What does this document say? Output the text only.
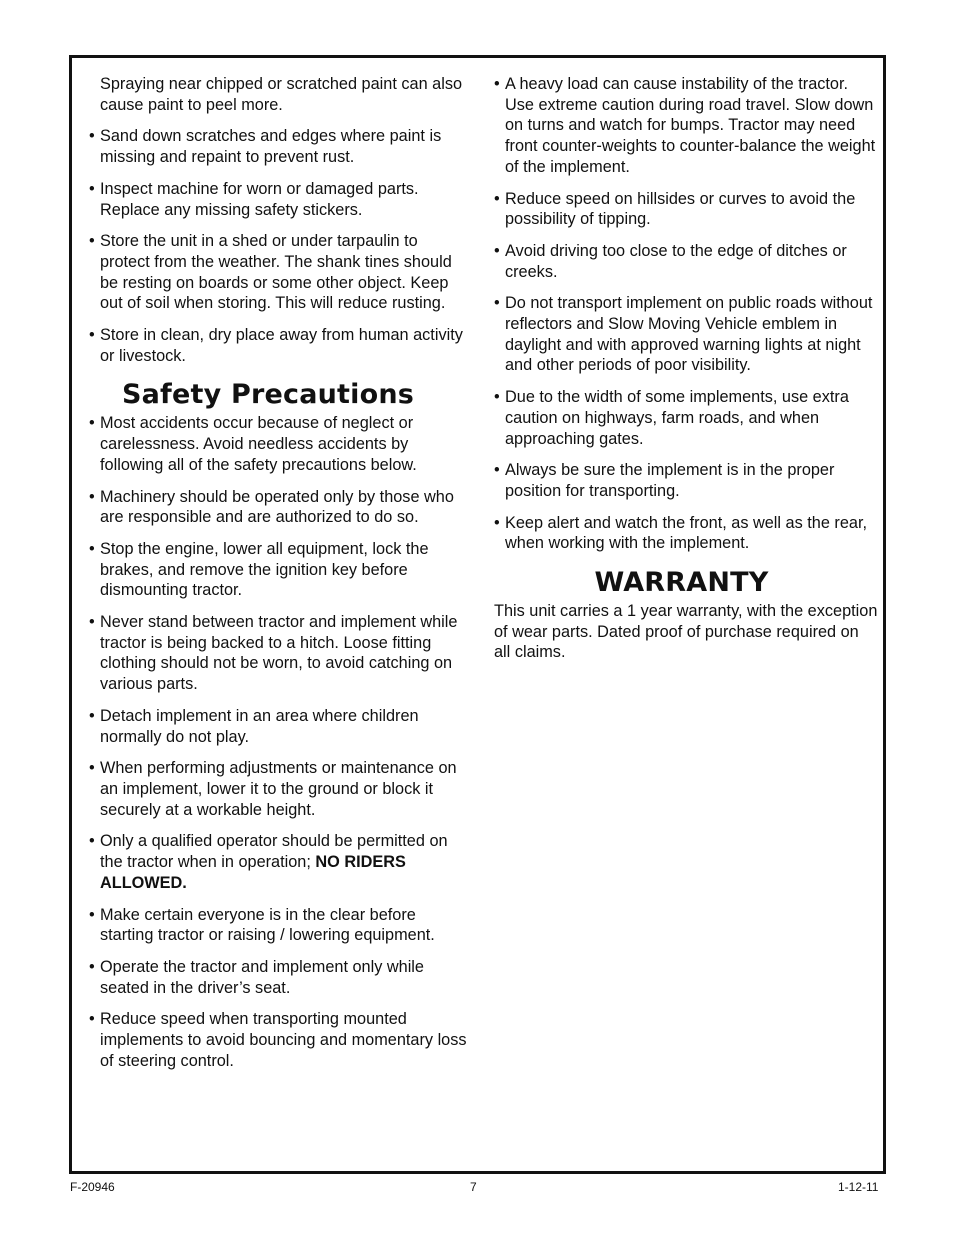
Spraying near chipped or scratched paint can also cause paint to peel more.

• Sand down scratches and edges where paint is missing and repaint to prevent rust.
• Inspect machine for worn or damaged parts. Replace any missing safety stickers.
• Store the unit in a shed or under tarpaulin to protect from the weather. The shank tines should be resting on boards or some other object. Keep out of soil when storing. This will reduce rusting.
• Store in clean, dry place away from human activity or livestock.
Safety Precautions
• Most accidents occur because of neglect or carelessness. Avoid needless accidents by following all of the safety precautions below.
• Machinery should be operated only by those who are responsible and are authorized to do so.
• Stop the engine, lower all equipment, lock the brakes, and remove the ignition key before dismounting tractor.
• Never stand between tractor and implement while tractor is being backed to a hitch. Loose fitting clothing should not be worn, to avoid catching on various parts.
• Detach implement in an area where children normally do not play.
• When performing adjustments or maintenance on an implement, lower it to the ground or block it securely at a workable height.
• Only a qualified operator should be permitted on the tractor when in operation; NO RIDERS ALLOWED.
• Make certain everyone is in the clear before starting tractor or raising / lowering equipment.
• Operate the tractor and implement only while seated in the driver’s seat.
• Reduce speed when transporting mounted implements to avoid bouncing and momentary loss of steering control.
• A heavy load can cause instability of the tractor. Use extreme caution during road travel. Slow down on turns and watch for bumps. Tractor may need front counter-weights to counter-balance the weight of the implement.
• Reduce speed on hillsides or curves to avoid the possibility of tipping.
• Avoid driving too close to the edge of ditches or creeks.
• Do not transport implement on public roads without reflectors and Slow Moving Vehicle emblem in daylight and with approved warning lights at night and other periods of poor visibility.
• Due to the width of some implements, use extra caution on highways, farm roads, and when approaching gates.
• Always be sure the implement is in the proper position for transporting.
• Keep alert and watch the front, as well as the rear, when working with the implement.
WARRANTY

This unit carries a 1 year warranty, with the exception of wear parts. Dated proof of purchase required on all claims.

F-20946	7	1-12-11
